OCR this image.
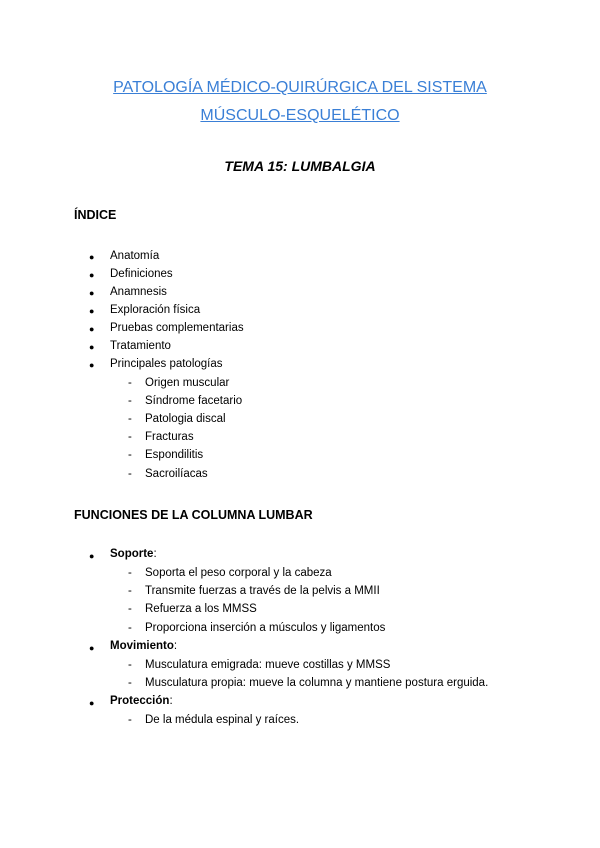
PATOLOGÍA MÉDICO-QUIRÚRGICA DEL SISTEMA
MÚSCULO-ESQUELÉTICO
TEMA 15: LUMBALGIA
ÍNDICE
● Anatomía
● Definiciones
● Anamnesis
● Exploración física
● Pruebas complementarias
● Tratamiento
● Principales patologías
- Origen muscular
- Síndrome facetario
- Patologia discal
- Fracturas
- Espondilitis
- Sacroilíacas
FUNCIONES DE LA COLUMNA LUMBAR
● Soporte:
- Soporta el peso corporal y la cabeza
- Transmite fuerzas a través de la pelvis a MMII
- Refuerza a los MMSS
- Proporciona inserción a músculos y ligamentos
● Movimiento:
- Musculatura emigrada: mueve costillas y MMSS
- Musculatura propia: mueve la columna y mantiene postura erguida.
● Protección:
- De la médula espinal y raíces.
